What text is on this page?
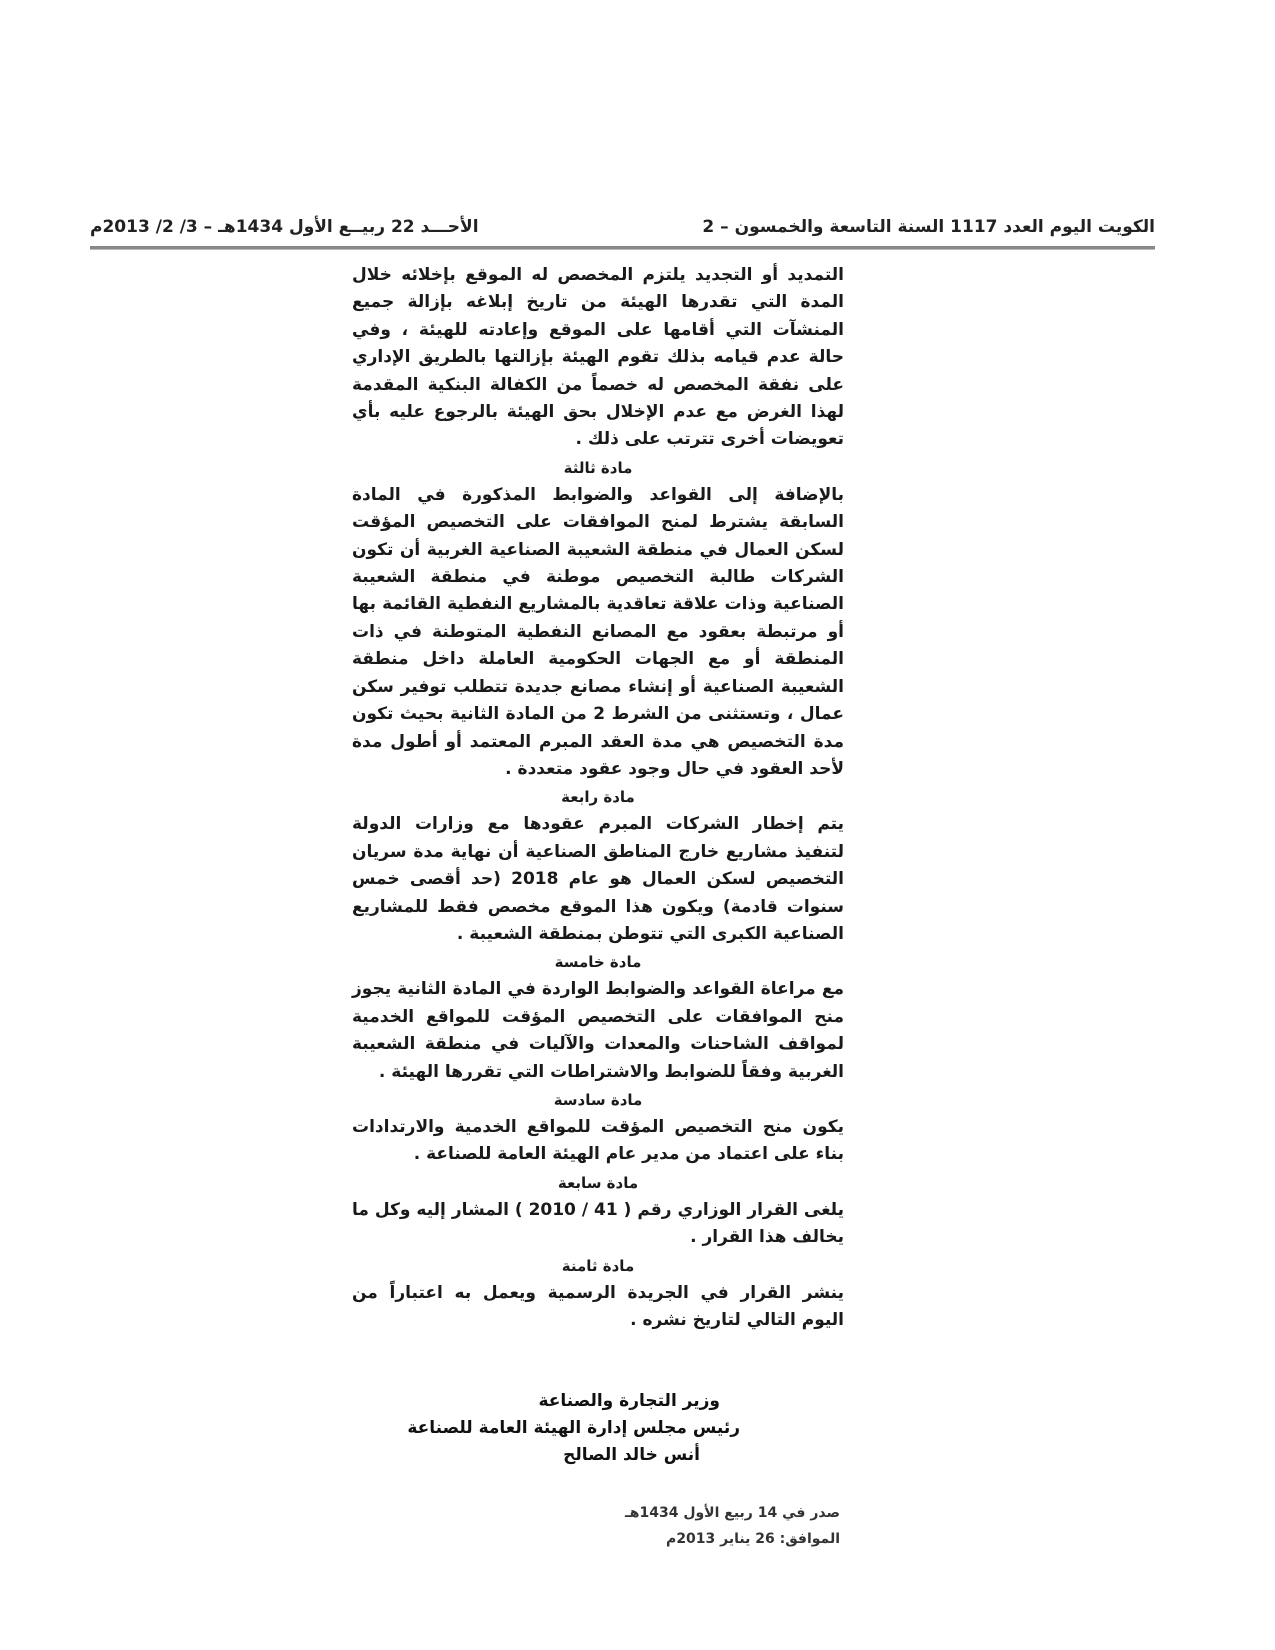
الكويت اليوم العدد 1117 السنة التاسعة والخمسون – 2
الأحـــد 22 ربيــع الأول 1434هـ – 3/ 2/ 2013م

التمديد أو التجديد يلتزم المخصص له الموقع بإخلائه خلال المدة التي تقدرها الهيئة من تاريخ إبلاغه بإزالة جميع المنشآت التي أقامها على الموقع وإعادته للهيئة ، وفي حالة عدم قيامه بذلك تقوم الهيئة بإزالتها بالطريق الإداري على نفقة المخصص له خصماً من الكفالة البنكية المقدمة لهذا الغرض مع عدم الإخلال بحق الهيئة بالرجوع عليه بأي تعويضات أخرى تترتب على ذلك .

مادة ثالثة

بالإضافة إلى القواعد والضوابط المذكورة في المادة السابقة يشترط لمنح الموافقات على التخصيص المؤقت لسكن العمال في منطقة الشعيبة الصناعية الغربية أن تكون الشركات طالبة التخصيص موطنة في منطقة الشعيبة الصناعية وذات علاقة تعاقدية بالمشاريع النفطية القائمة بها أو مرتبطة بعقود مع المصانع النفطية المتوطنة في ذات المنطقة أو مع الجهات الحكومية العاملة داخل منطقة الشعيبة الصناعية أو إنشاء مصانع جديدة تتطلب توفير سكن عمال ، وتستثنى من الشرط 2 من المادة الثانية بحيث تكون مدة التخصيص هي مدة العقد المبرم المعتمد أو أطول مدة لأحد العقود في حال وجود عقود متعددة .

مادة رابعة

يتم إخطار الشركات المبرم عقودها مع وزارات الدولة لتنفيذ مشاريع خارج المناطق الصناعية أن نهاية مدة سريان التخصيص لسكن العمال هو عام 2018 (حد أقصى خمس سنوات قادمة) ويكون هذا الموقع مخصص فقط للمشاريع الصناعية الكبرى التي تتوطن بمنطقة الشعيبة .

مادة خامسة

مع مراعاة القواعد والضوابط الواردة في المادة الثانية يجوز منح الموافقات على التخصيص المؤقت للمواقع الخدمية لمواقف الشاحنات والمعدات والآليات في منطقة الشعيبة الغربية وفقاً للضوابط والاشتراطات التي تقررها الهيئة .

مادة سادسة

يكون منح التخصيص المؤقت للمواقع الخدمية والارتدادات بناء على اعتماد من مدير عام الهيئة العامة للصناعة .

مادة سابعة

يلغى القرار الوزاري رقم ( 41 / 2010 ) المشار إليه وكل ما يخالف هذا القرار .

مادة ثامنة

ينشر القرار في الجريدة الرسمية ويعمل به اعتباراً من اليوم التالي لتاريخ نشره .

وزير التجارة والصناعة
رئيس مجلس إدارة الهيئة العامة للصناعة
أنس خالد الصالح
صدر في 14 ربيع الأول 1434هـ
الموافق: 26 يناير 2013م
